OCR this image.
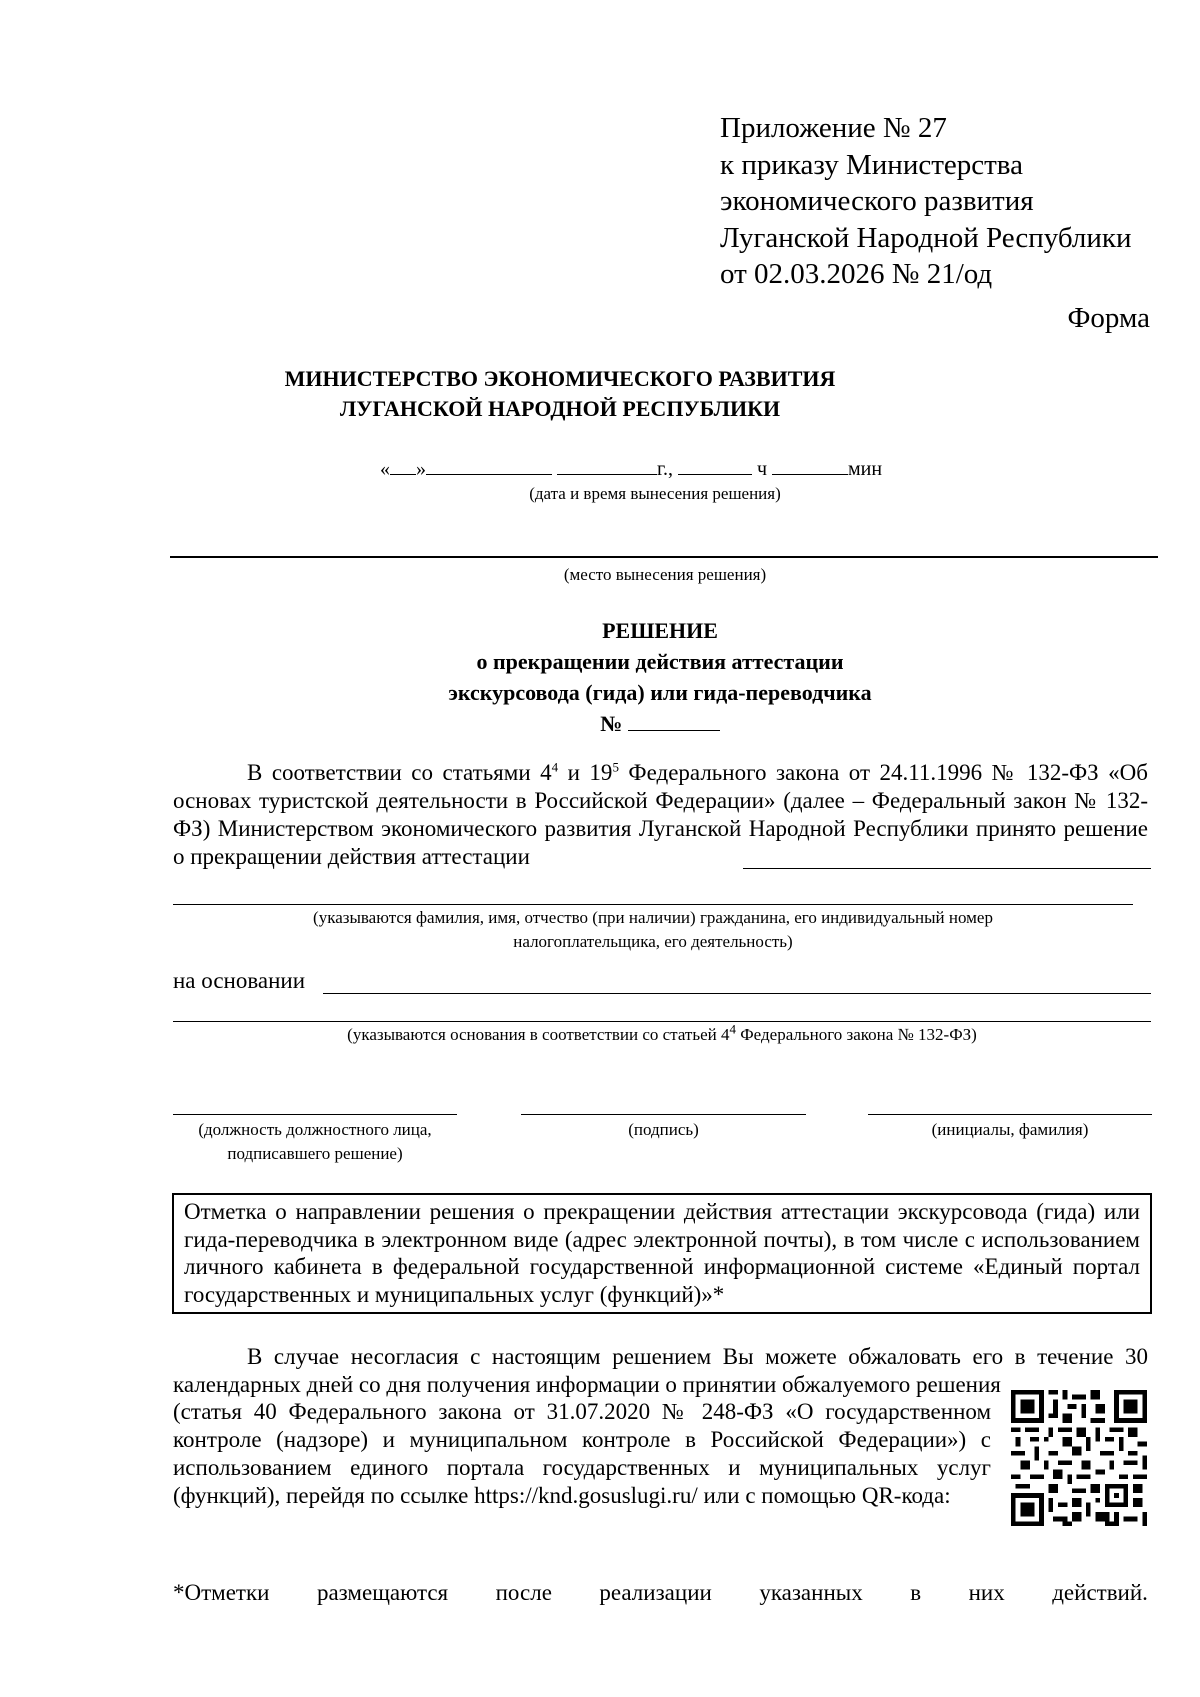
Приложение № 27
к приказу Министерства
экономического развития
Луганской Народной Республики
от 02.03.2026 № 21/од
Форма
МИНИСТЕРСТВО ЭКОНОМИЧЕСКОГО РАЗВИТИЯ
ЛУГАНСКОЙ НАРОДНОЙ РЕСПУБЛИКИ
« »	г.,	ч	мин
(дата и время вынесения решения)
(место вынесения решения)
РЕШЕНИЕ
о прекращении действия аттестации
экскурсовода (гида) или гида-переводчика
№
В соответствии со статьями $4^4$ и $19^5$ Федерального закона от 24.11.1996 № 132-ФЗ «Об основах туристской деятельности в Российской Федерации» (далее – Федеральный закон № 132-ФЗ) Министерством экономического развития Луганской Народной Республики принято решение о прекращении действия аттестации
(указываются фамилия, имя, отчество (при наличии) гражданина, его индивидуальный номер
налогоплательщика, его деятельность)
на основании
(указываются основания в соответствии со статьей $4^4$ Федерального закона № 132-ФЗ)
(должность должностного лица,
подписавшего решение)
(подпись)	(инициалы, фамилия)
Отметка о направлении решения о прекращении действия аттестации экскурсовода (гида) или гида-переводчика в электронном виде (адрес электронной почты), в том числе с использованием личного кабинета в федеральной государственной информационной системе «Единый портал государственных и муниципальных услуг (функций)»*
В случае несогласия с настоящим решением Вы можете обжаловать его в течение 30 календарных дней со дня получения информации о принятии обжалуемого решения
(статья 40 Федерального закона от 31.07.2020 № 248-ФЗ «О государственном контроле (надзоре) и муниципальном контроле в Российской Федерации») с использованием единого портала государственных и муниципальных услуг (функций), перейдя по ссылке https://knd.gosuslugi.ru/ или с помощью QR-кода:
*Отметки размещаются после реализации указанных в них действий.
